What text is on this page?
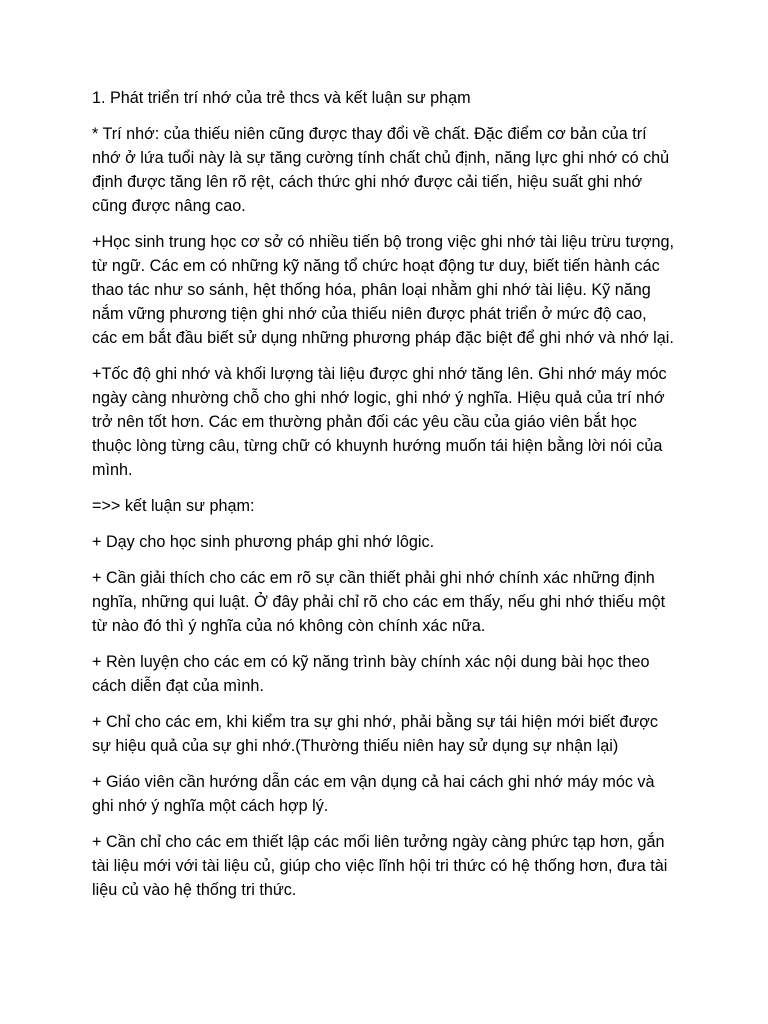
1. Phát triển trí nhớ của trẻ thcs và kết luận sư phạm

* Trí nhớ: của thiếu niên cũng được thay đổi về chất. Đặc điểm cơ bản của trí nhớ ở lứa tuổi này là sự tăng cường tính chất chủ định, năng lực ghi nhớ có chủ định được tăng lên rõ rệt, cách thức ghi nhớ được cải tiến, hiệu suất ghi nhớ cũng được nâng cao.

+Học sinh trung học cơ sở có nhiều tiến bộ trong việc ghi nhớ tài liệu trừu tượng, từ ngữ. Các em có những kỹ năng tổ chức hoạt động tư duy, biết tiến hành các thao tác như so sánh, hệt thống hóa, phân loại nhằm ghi nhớ tài liệu. Kỹ năng nắm vững phương tiện ghi nhớ của thiếu niên được phát triển ở mức độ cao, các em bắt đầu biết sử dụng những phương pháp đặc biệt để ghi nhớ và nhớ lại.

+Tốc độ ghi nhớ và khối lượng tài liệu được ghi nhớ tăng lên. Ghi nhớ máy móc ngày càng nhường chỗ cho ghi nhớ logic, ghi nhớ ý nghĩa. Hiệu quả của trí nhớ trở nên tốt hơn. Các em thường phản đối các yêu cầu của giáo viên bắt học thuộc lòng từng câu, từng chữ có khuynh hướng muốn tái hiện bằng lời nói của mình.

=>> kết luận sư phạm:

+ Dạy cho học sinh phương pháp ghi nhớ lôgic.

+ Cần giải thích cho các em rõ sự cần thiết phải ghi nhớ chính xác những định nghĩa, những qui luật. Ở đây phải chỉ rõ cho các em thấy, nếu ghi nhớ thiếu một từ nào đó thì ý nghĩa của nó không còn chính xác nữa.

+ Rèn luyện cho các em có kỹ năng trình bày chính xác nội dung bài học theo cách diễn đạt của mình.

+ Chỉ cho các em, khi kiểm tra sự ghi nhớ, phải bằng sự tái hiện mới biết được sự hiệu quả của sự ghi nhớ.(Thường thiếu niên hay sử dụng sự nhận lại)

+ Giáo viên cần hướng dẫn các em vận dụng cả hai cách ghi nhớ máy móc và ghi nhớ ý nghĩa một cách hợp lý.

+ Cần chỉ cho các em thiết lập các mối liên tưởng ngày càng phức tạp hơn, gắn tài liệu mới với tài liệu củ, giúp cho việc lĩnh hội tri thức có hệ thống hơn, đưa tài liệu củ vào hệ thống tri thức.
